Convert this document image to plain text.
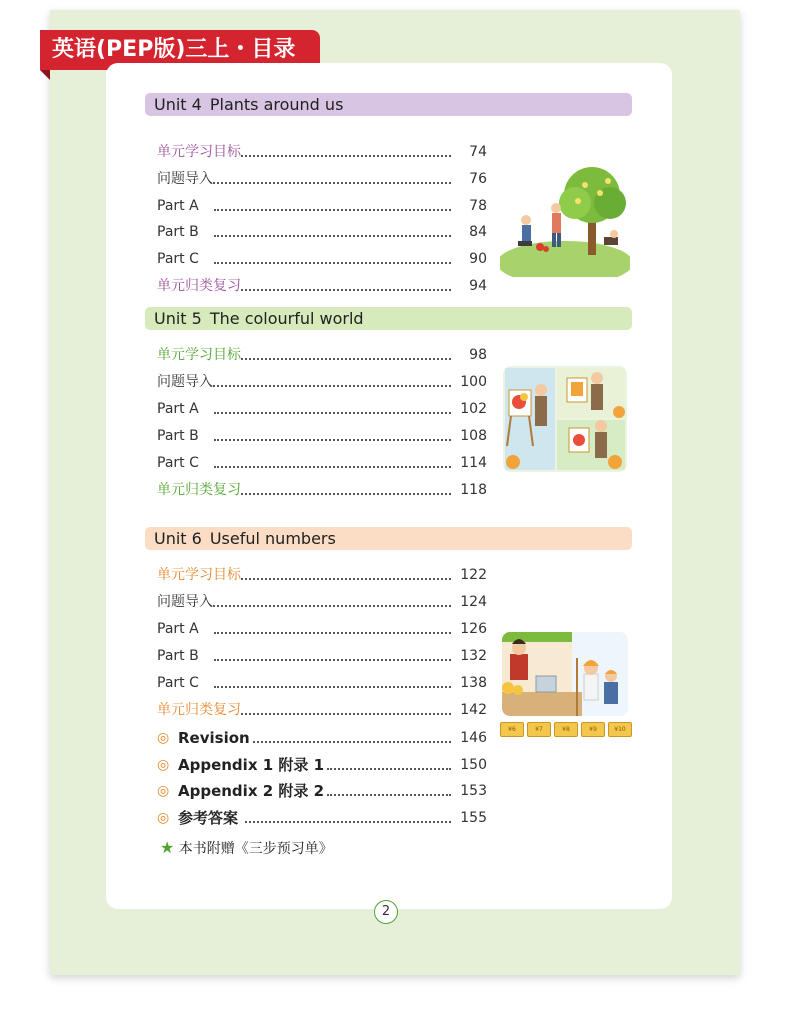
英语(PEP版)三上・目录
Unit 4 Plants around us
单元学习目标	74
问题导入	76
Part A	78
Part B	84
Part C	90
单元归类复习	94
Unit 5 The colourful world
单元学习目标	98
问题导入	100
Part A	102
Part B	108
Part C	114
单元归类复习	118
Unit 6 Useful numbers
单元学习目标	122
问题导入	124
Part A	126
Part B	132
Part C	138
单元归类复习	142
¥6	¥7	¥8	¥9	¥10
◎ Revision	146
◎ Appendix 1 附录 1	150
◎ Appendix 2 附录 2	153
◎ 参考答案	155
★ 本书附赠《三步预习单》
2
